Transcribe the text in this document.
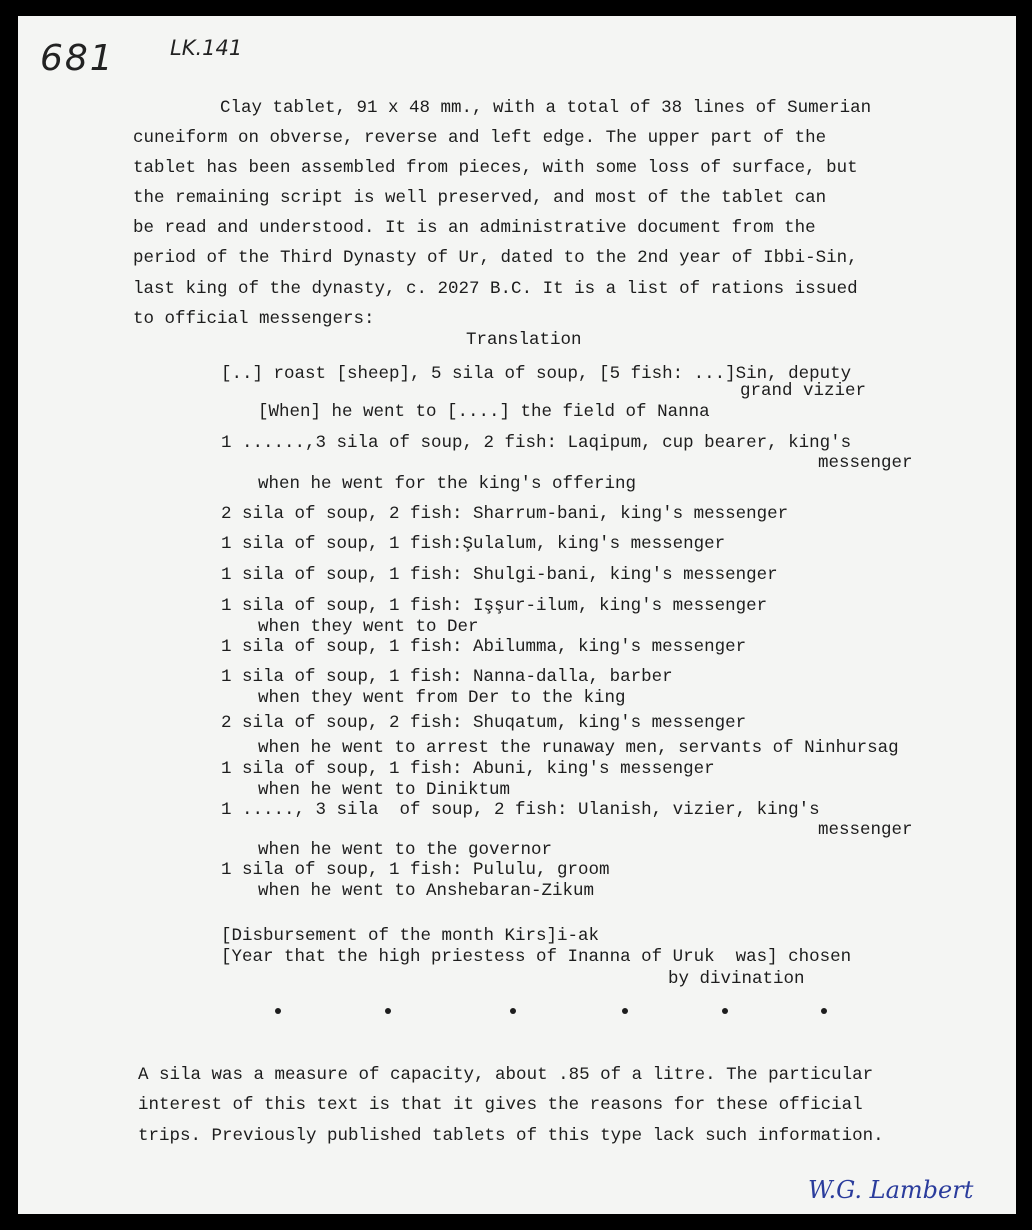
681	LK.141
Clay tablet, 91 x 48 mm., with a total of 38 lines of Sumerian
cuneiform on obverse, reverse and left edge. The upper part of the
tablet has been assembled from pieces, with some loss of surface, but
the remaining script is well preserved, and most of the tablet can
be read and understood. It is an administrative document from the
period of the Third Dynasty of Ur, dated to the 2nd year of Ibbi-Sin,
last king of the dynasty, c. 2027 B.C. It is a list of rations issued
to official messengers:
Translation
[..] roast [sheep], 5 sila of soup, [5 fish: ...]Sin, deputy
grand vizier
[When] he went to [....] the field of Nanna
1 ......,3 sila of soup, 2 fish: Laqipum, cup bearer, king's
messenger
when he went for the king's offering
2 sila of soup, 2 fish: Sharrum-bani, king's messenger
1 sila of soup, 1 fish:Şulalum, king's messenger
1 sila of soup, 1 fish: Shulgi-bani, king's messenger
1 sila of soup, 1 fish: Işşur-ilum, king's messenger
when they went to Der
1 sila of soup, 1 fish: Abilumma, king's messenger
1 sila of soup, 1 fish: Nanna-dalla, barber
when they went from Der to the king
2 sila of soup, 2 fish: Shuqatum, king's messenger
when he went to arrest the runaway men, servants of Ninhursag
1 sila of soup, 1 fish: Abuni, king's messenger
when he went to Diniktum
1 ....., 3 sila  of soup, 2 fish: Ulanish, vizier, king's
messenger
when he went to the governor
1 sila of soup, 1 fish: Pululu, groom
when he went to Anshebaran-Zikum
[Disbursement of the month Kirs]i-ak
[Year that the high priestess of Inanna of Uruk  was] chosen
by divination
A sila was a measure of capacity, about .85 of a litre. The particular
interest of this text is that it gives the reasons for these official
trips. Previously published tablets of this type lack such information.
W.G. Lambert
